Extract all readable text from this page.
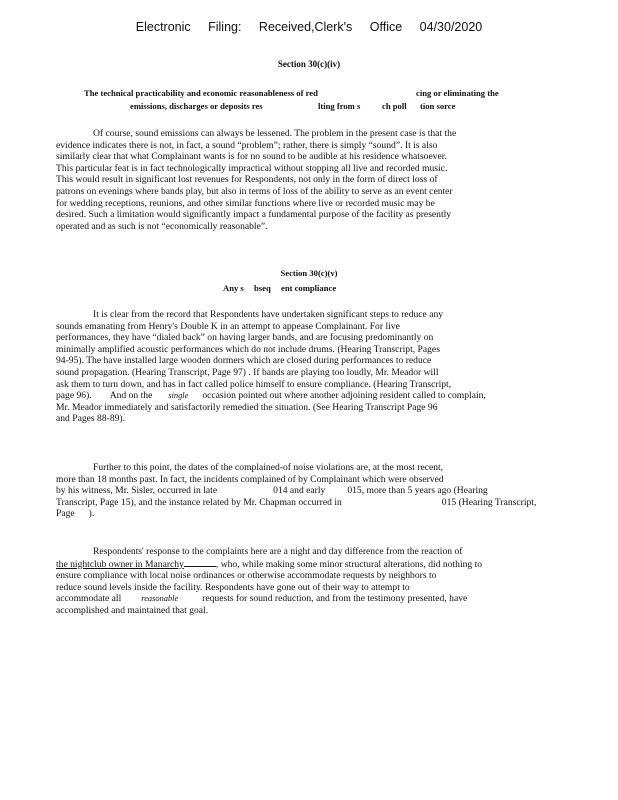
Electronic Filing: Received,Clerk's Office 04/30/2020
Section 30(c)(iv)
The technical practicability and economic reasonableness of red	cing or eliminating the
emissions, discharges or deposits res	lting from s	ch poll tion sorce

Of course, sound emissions can always be lessened. The problem in the present case is that the

evidence indicates there is not, in fact, a sound “problem”; rather, there is simply “sound”. It is also

similarly clear that what Complainant wants is for no sound to be audible at his residence whatsoever.

This particular feat is in fact technologically impractical without stopping all live and recorded music.

This would result in significant lost revenues for Respondents, not only in the form of direct loss of

patrons on evenings where bands play, but also in terms of loss of the ability to serve as an event center

for wedding receptions, reunions, and other similar functions where live or recorded music may be

desired. Such a limitation would significantly impact a fundamental purpose of the facility as presently

operated and as such is not “economically reasonable”.

Section 30(c)(v)
Any s bseq ent compliance

It is clear from the record that Respondents have undertaken significant steps to reduce any

sounds emanating from Henry's Double K in an attempt to appease Complainant. For live

performances, they have “dialed back” on having larger bands, and are focusing predominantly on

minimally amplified acoustic performances which do not include drums. (Hearing Transcript, Pages

94-95). The have installed large wooden dormers which are closed during performances to reduce

sound propagation. (Hearing Transcript, Page 97) . If bands are playing too loudly, Mr. Meador will

ask them to turn down, and has in fact called police himself to ensure compliance. (Hearing Transcript,

page 96). And on the single occasion pointed out where another adjoining resident called to complain,

Mr. Meador immediately and satisfactorily remedied the situation. (See Hearing Transcript Page 96

and Pages 88-89).

Further to this point, the dates of the complained-of noise violations are, at the most recent,

more than 18 months past. In fact, the incidents complained of by Complainant which were observed

by his witness, Mr. Sisler, occurred in late	014 and early 015, more than 5 years ago (Hearing

Transcript, Page 15), and the instance related by Mr. Chapman occurred in	015 (Hearing Transcript,

Page ).

Respondents' response to the complaints here are a night and day difference from the reaction of

the nightclub owner in Manarchy	, who, while making some minor structural alterations, did nothing to

ensure compliance with local noise ordinances or otherwise accommodate requests by neighbors to

reduce sound levels inside the facility. Respondents have gone out of their way to attempt to

accommodate all reasonable	requests for sound reduction, and from the testimony presented, have

accomplished and maintained that goal.
